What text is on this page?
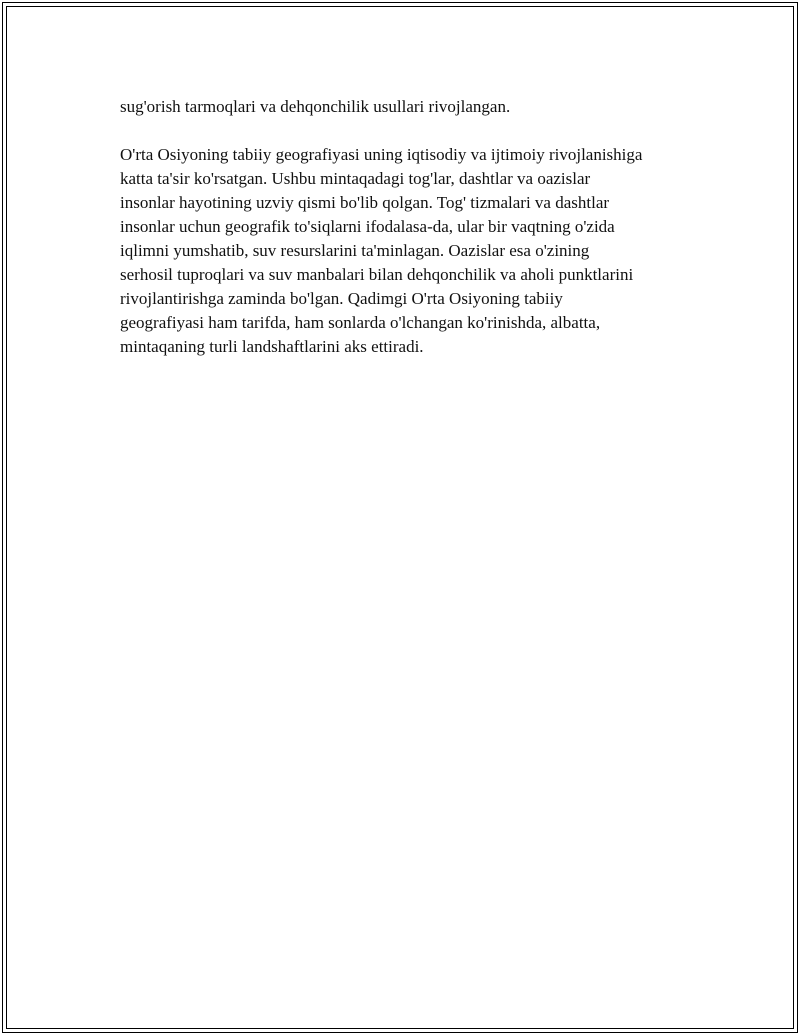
sug'orish tarmoqlari va dehqonchilik usullari rivojlangan.

O'rta Osiyoning tabiiy geografiyasi uning iqtisodiy va ijtimoiy rivojlanishiga
katta ta'sir ko'rsatgan. Ushbu mintaqadagi tog'lar, dashtlar va oazislar
insonlar hayotining uzviy qismi bo'lib qolgan. Tog' tizmalari va dashtlar
insonlar uchun geografik to'siqlarni ifodalasa-da, ular bir vaqtning o'zida
iqlimni yumshatib, suv resurslarini ta'minlagan. Oazislar esa o'zining
serhosil tuproqlari va suv manbalari bilan dehqonchilik va aholi punktlarini
rivojlantirishga zaminda bo'lgan. Qadimgi O'rta Osiyoning tabiiy
geografiyasi ham tarifda, ham sonlarda o'lchangan ko'rinishda, albatta,
mintaqaning turli landshaftlarini aks ettiradi.
